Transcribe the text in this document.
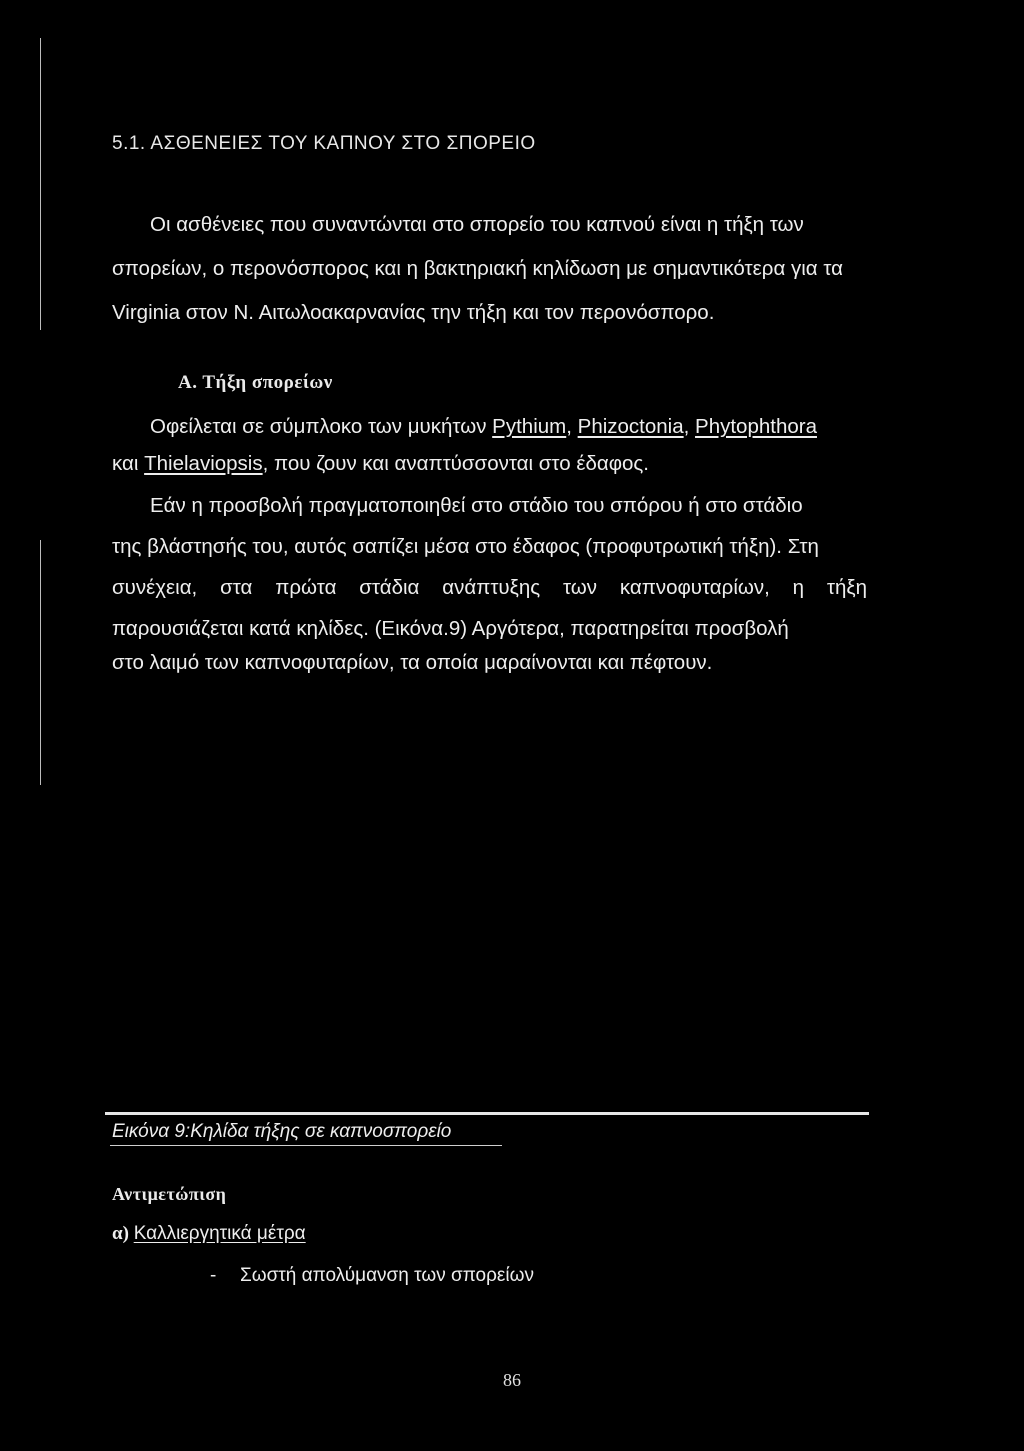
5.1. ΑΣΘΕΝΕΙΕΣ ΤΟΥ ΚΑΠΝΟΥ ΣΤΟ ΣΠΟΡΕΙΟ
Οι ασθένειες που συναντώνται στο σπορείο του καπνού είναι η τήξη των
σπορείων, ο περονόσπορος και η βακτηριακή κηλίδωση με σημαντικότερα για τα
Virginia στον Ν. Αιτωλοακαρνανίας την τήξη και τον περονόσπορο.
Α. Τήξη σπορείων
Οφείλεται σε σύμπλοκο των μυκήτων Pythium, Phizoctonia, Phytophthora
και Thielaviopsis, που ζουν και αναπτύσσονται στο έδαφος.
Εάν η προσβολή πραγματοποιηθεί στο στάδιο του σπόρου ή στο στάδιο
της βλάστησής του, αυτός σαπίζει μέσα στο έδαφος (προφυτρωτική τήξη). Στη
συνέχεια, στα πρώτα στάδια ανάπτυξης των καπνοφυταρίων, η τήξη
παρουσιάζεται κατά κηλίδες. (Εικόνα.9) Αργότερα, παρατηρείται προσβολή
στο λαιμό των καπνοφυταρίων, τα οποία μαραίνονται και πέφτουν.
Εικόνα 9:Κηλίδα τήξης σε καπνοσπορείο
Αντιμετώπιση
α) Καλλιεργητικά μέτρα
- Σωστή απολύμανση των σπορείων
86
